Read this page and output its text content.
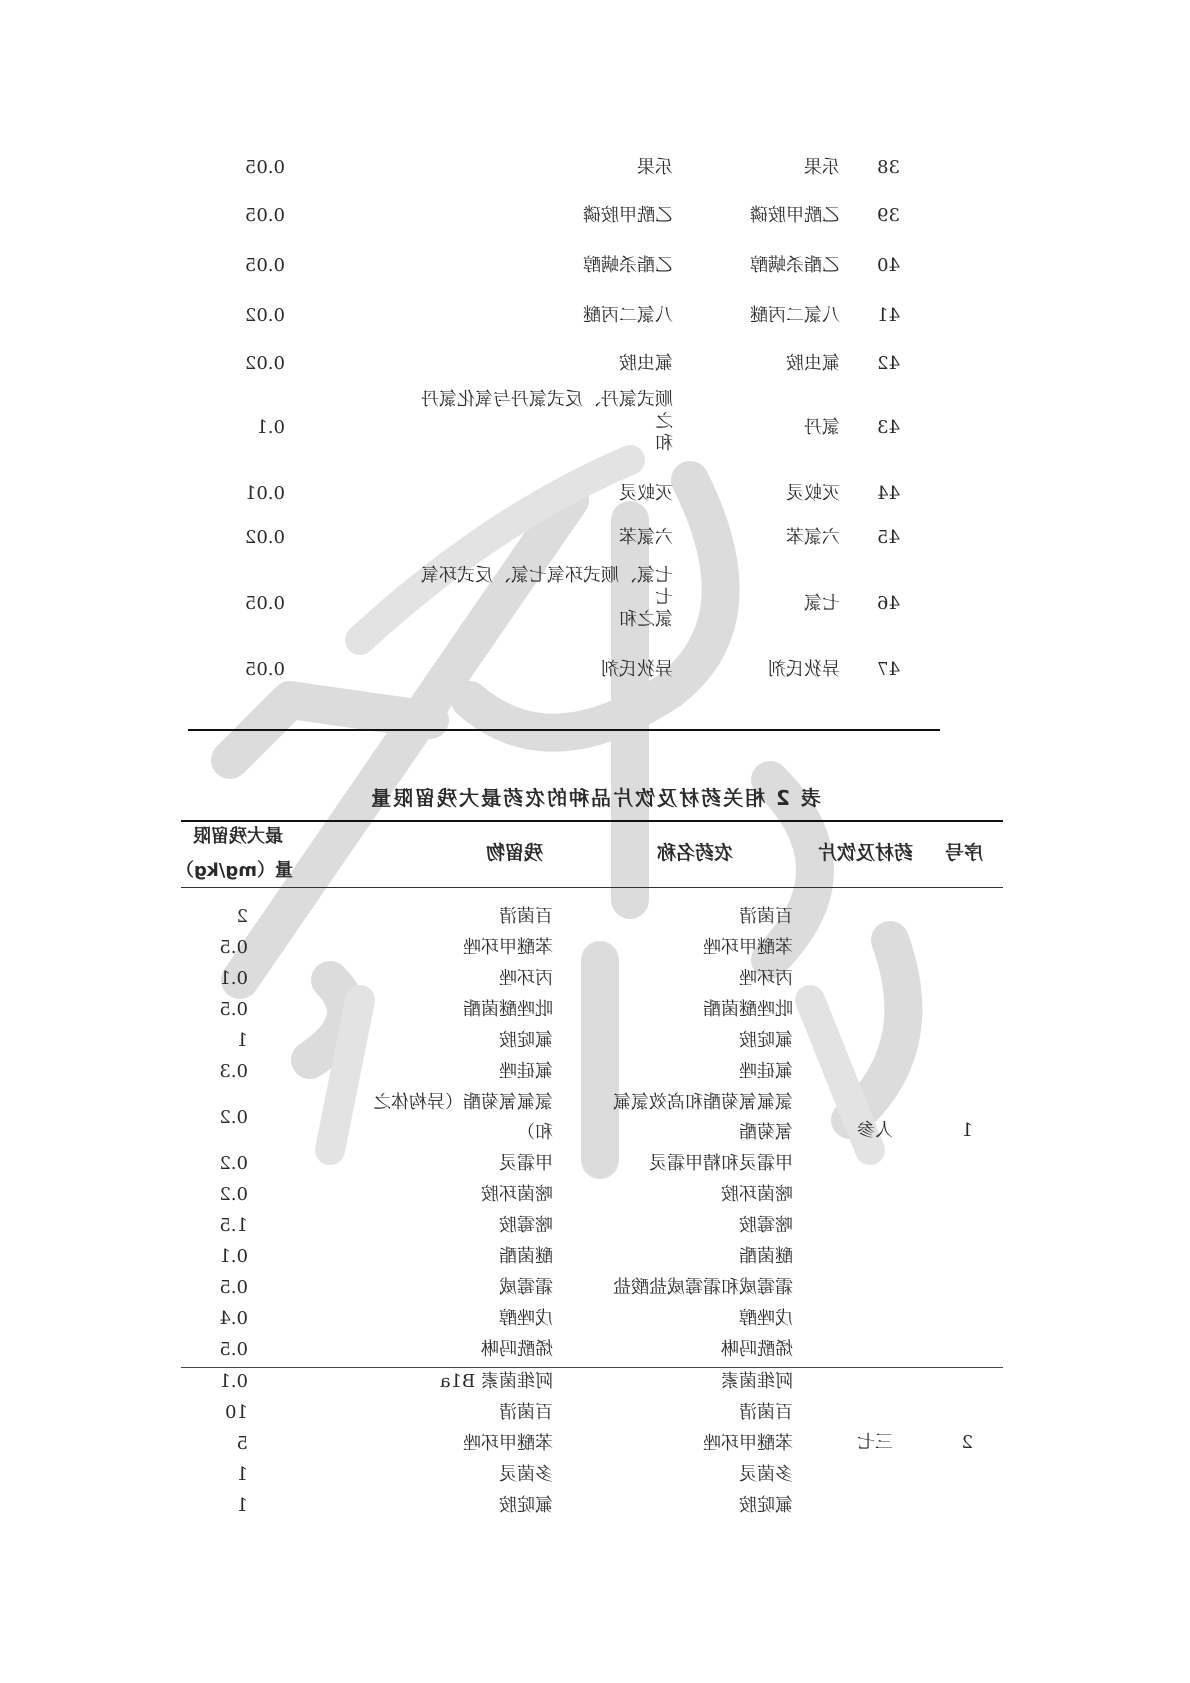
38
乐果
乐果
0.05
39
乙酰甲胺磷
乙酰甲胺磷
0.05
40
乙酯杀螨醇
乙酯杀螨醇
0.05
41
八氯二丙醚
八氯二丙醚
0.02
42
氟虫胺
氟虫胺
0.02
43
氯丹
顺式氯丹、反式氯丹与氧化氯丹之
和
0.1
44
灭蚁灵
灭蚁灵
0.01
45
六氯苯
六氯苯
0.02
46
七氯
七氯、顺式环氧七氯、反式环氧七
氯之和
0.05
47
异狄氏剂
异狄氏剂
0.05
表 2 相关药材及饮片品种的农药最大残留限量
序号
药材及饮片
农药名称
残留物
最大残留限
量（mg/kg）
1
人参
百菌清
百菌清
2
苯醚甲环唑
苯醚甲环唑
0.5
丙环唑
丙环唑
0.1
吡唑醚菌酯
吡唑醚菌酯
0.5
氟啶胺
氟啶胺
1
氟硅唑
氟硅唑
0.3
氯氟氰菊酯和高效氯氟
氰菊酯
氯氟氰菊酯（异构体之
和）
0.2
甲霜灵和精甲霜灵
甲霜灵
0.2
嘧菌环胺
嘧菌环胺
0.2
嘧霉胺
嘧霉胺
1.5
醚菌酯
醚菌酯
0.1
霜霉威和霜霉威盐酸盐
霜霉威
0.5
戊唑醇
戊唑醇
0.4
烯酰吗啉
烯酰吗啉
0.5
2
三七
阿维菌素
阿维菌素 B1a
0.1
百菌清
百菌清
10
苯醚甲环唑
苯醚甲环唑
5
多菌灵
多菌灵
1
氟啶胺
氟啶胺
1
